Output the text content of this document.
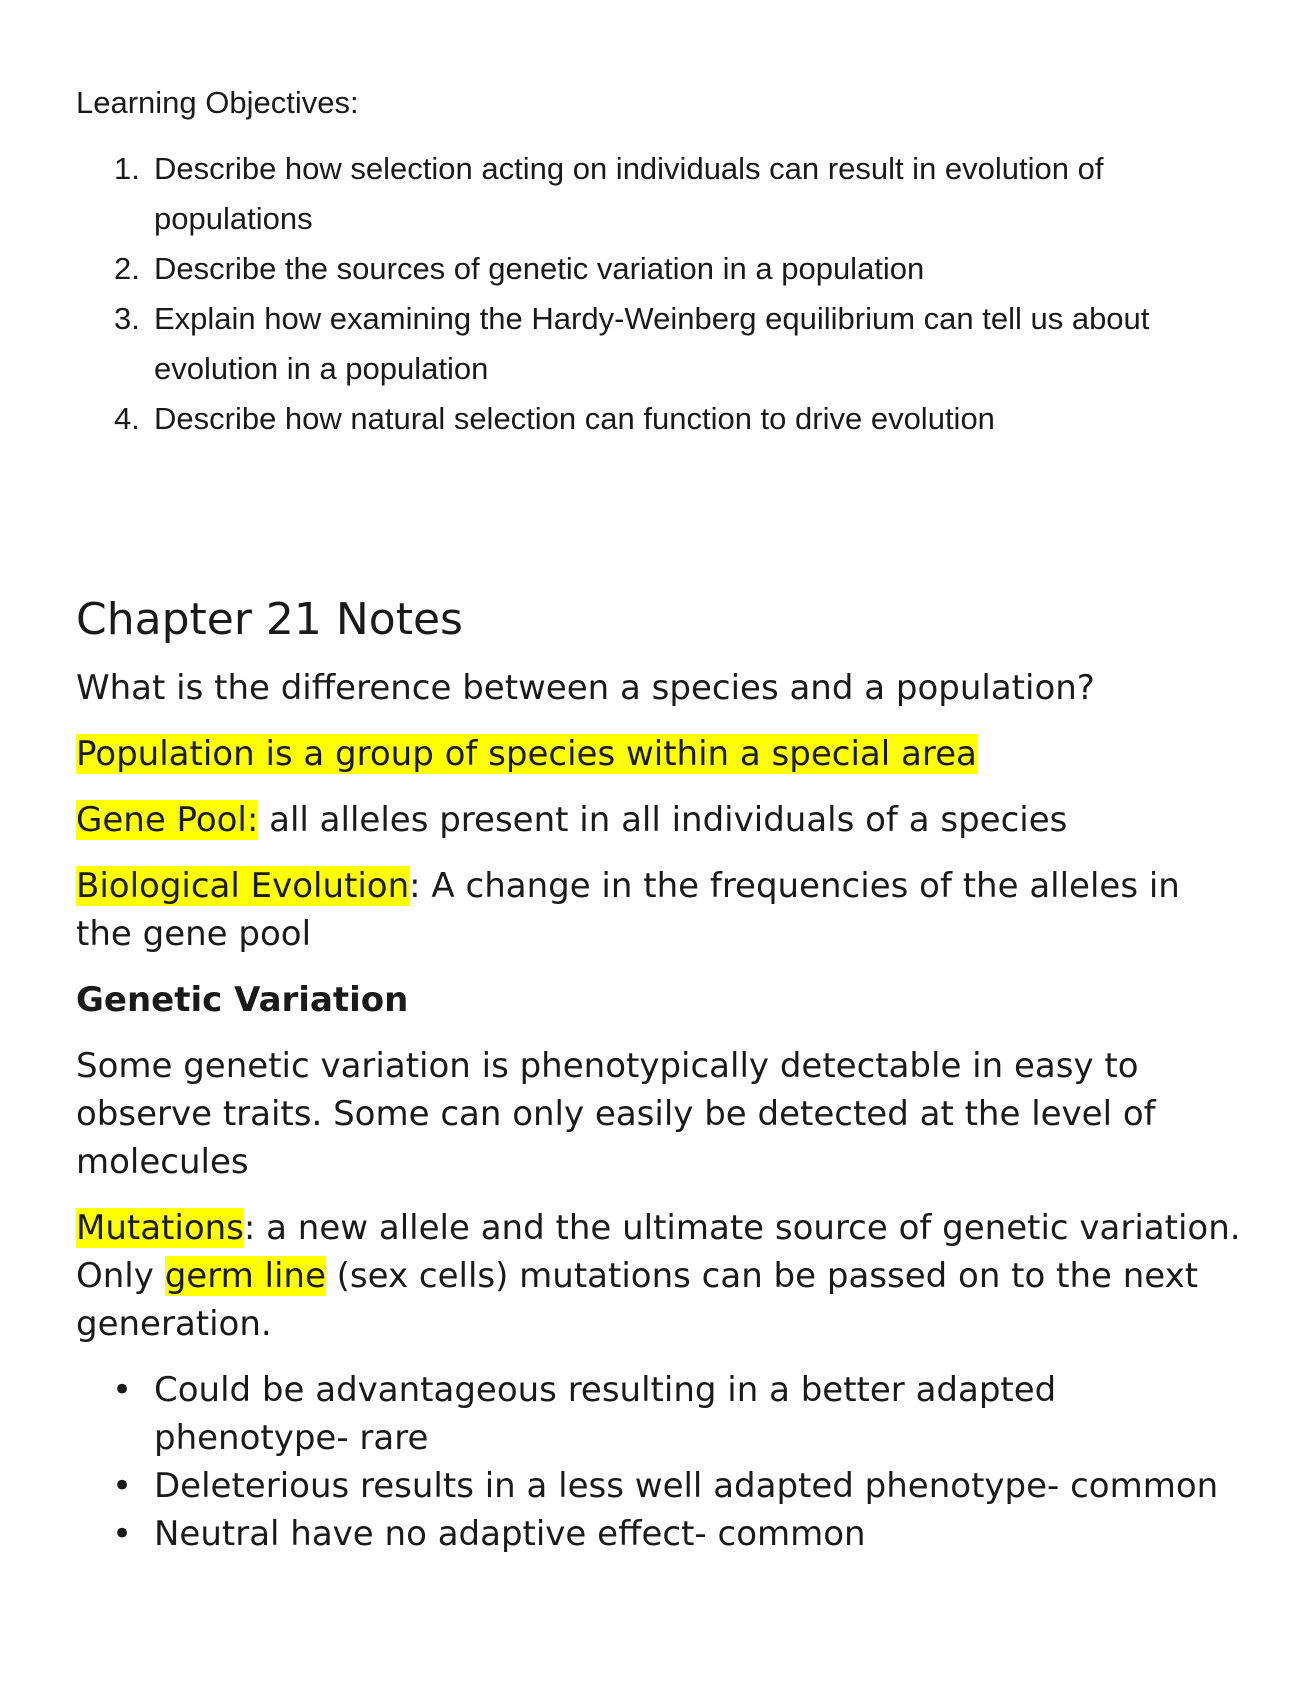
Learning Objectives:

1. Describe how selection acting on individuals can result in evolution of populations
2. Describe the sources of genetic variation in a population
3. Explain how examining the Hardy-Weinberg equilibrium can tell us about evolution in a population
4. Describe how natural selection can function to drive evolution
Chapter 21 Notes

What is the difference between a species and a population?

Population is a group of species within a special area

Gene Pool: all alleles present in all individuals of a species

Biological Evolution: A change in the frequencies of the alleles in the gene pool

Genetic Variation

Some genetic variation is phenotypically detectable in easy to observe traits. Some can only easily be detected at the level of molecules

Mutations: a new allele and the ultimate source of genetic variation. Only germ line (sex cells) mutations can be passed on to the next generation.

• Could be advantageous resulting in a better adapted phenotype- rare
• Deleterious results in a less well adapted phenotype- common
• Neutral have no adaptive effect- common
